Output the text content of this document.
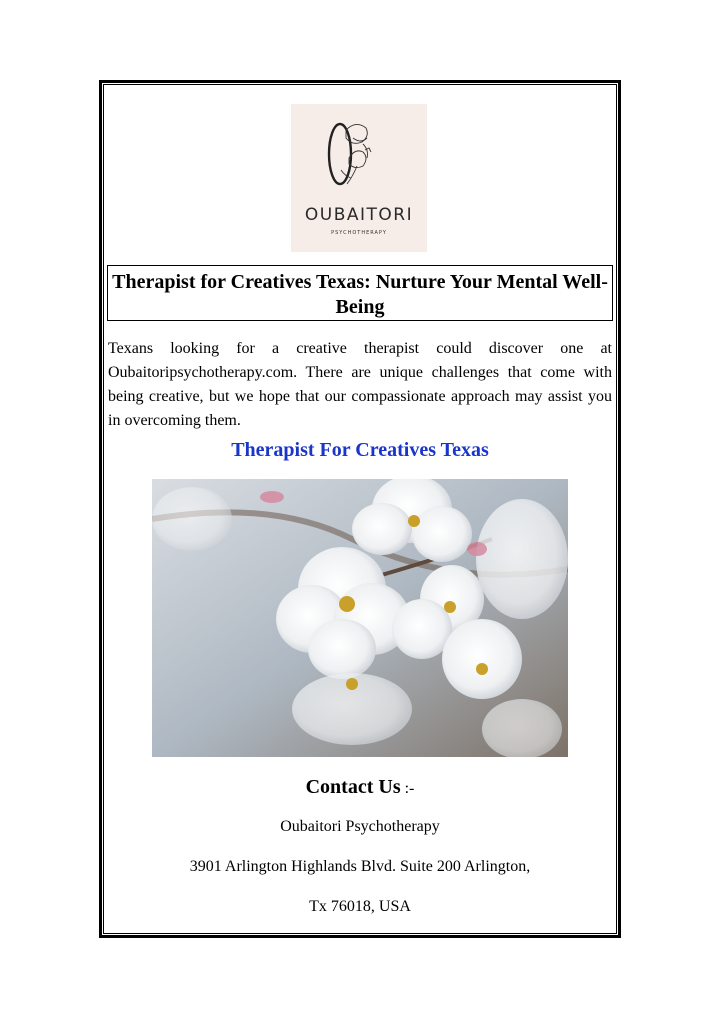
OUBAITORI
PSYCHOTHERAPY
Therapist for Creatives Texas: Nurture Your Mental Well-Being

Texans looking for a creative therapist could discover one at Oubaitoripsychotherapy.com. There are unique challenges that come with being creative, but we hope that our compassionate approach may assist you in overcoming them.

Therapist For Creatives Texas

Contact Us :-

Oubaitori Psychotherapy

3901 Arlington Highlands Blvd. Suite 200 Arlington,

Tx 76018, USA
